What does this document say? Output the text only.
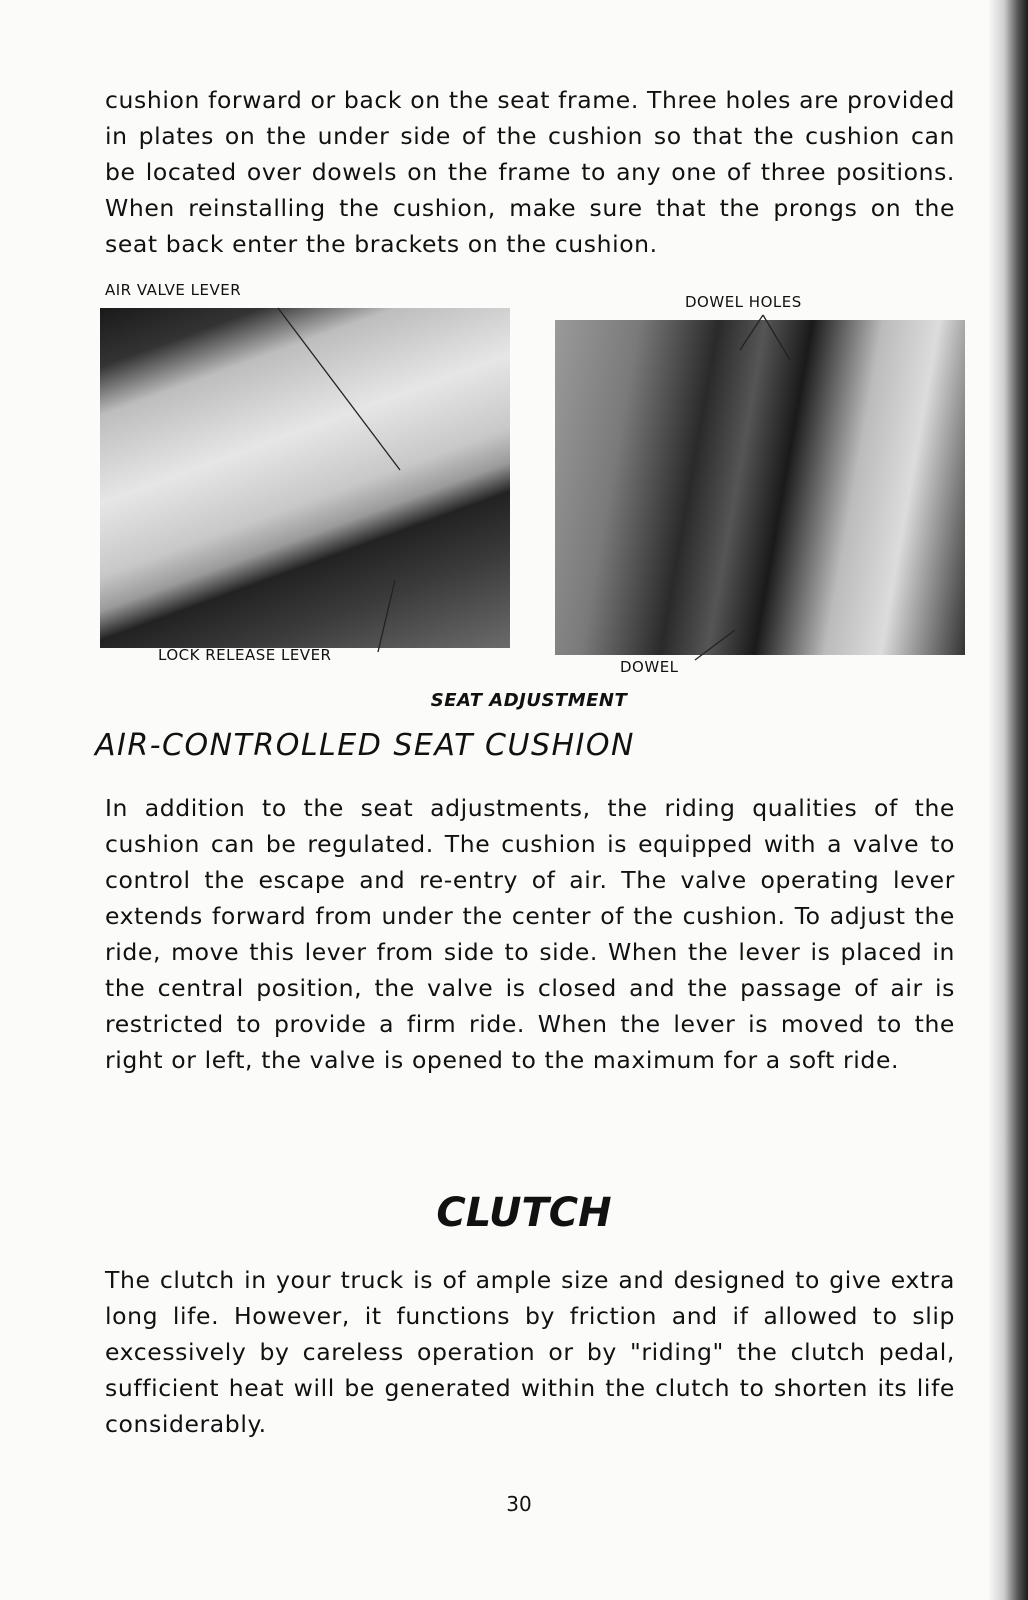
cushion forward or back on the seat frame. Three holes are provided in plates on the under side of the cushion so that the cushion can be located over dowels on the frame to any one of three positions. When reinstalling the cushion, make sure that the prongs on the seat back enter the brackets on the cushion.

AIR VALVE LEVER
DOWEL HOLES
LOCK RELEASE LEVER
DOWEL
SEAT ADJUSTMENT
AIR-CONTROLLED SEAT CUSHION

In addition to the seat adjustments, the riding qualities of the cushion can be regulated. The cushion is equipped with a valve to control the escape and re-entry of air. The valve operating lever extends forward from under the center of the cushion. To adjust the ride, move this lever from side to side. When the lever is placed in the central position, the valve is closed and the passage of air is restricted to provide a firm ride. When the lever is moved to the right or left, the valve is opened to the maximum for a soft ride.

CLUTCH

The clutch in your truck is of ample size and designed to give extra long life. However, it functions by friction and if allowed to slip excessively by careless operation or by "riding" the clutch pedal, sufficient heat will be generated within the clutch to shorten its life considerably.

30
